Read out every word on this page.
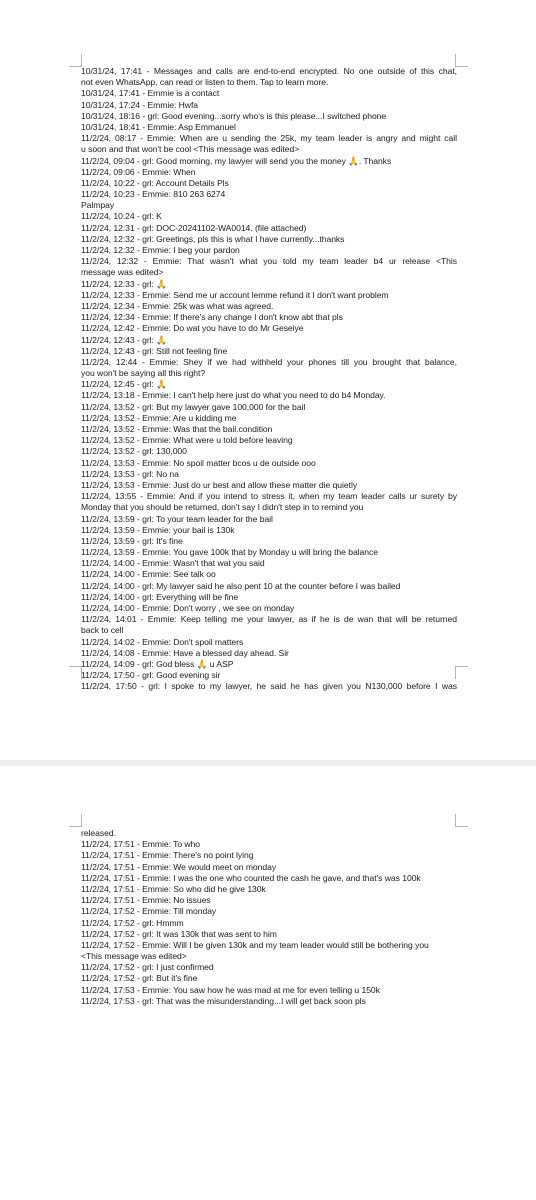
10/31/24, 17:41 - Messages and calls are end-to-end encrypted. No one outside of this chat,
not even WhatsApp, can read or listen to them. Tap to learn more.
10/31/24, 17:41 - Emmie is a contact
10/31/24, 17:24 - Emmie: Hwfa
10/31/24, 18:16 - grl: Good evening...sorry who's is this please...I switched phone
10/31/24, 18:41 - Emmie: Asp Emmanuel
11/2/24, 08:17 - Emmie: When are u sending the 25k, my team leader is angry and might call
u soon and that won't be cool <This message was edited>
11/2/24, 09:04 - grl: Good morning, my lawyer will send you the money 🙏. Thanks
11/2/24, 09:06 - Emmie: When
11/2/24, 10:22 - grl: Account Details Pls
11/2/24, 10:23 - Emmie: 810 263 6274
Palmpay
11/2/24, 10:24 - grl: K
11/2/24, 12:31 - grl: DOC-20241102-WA0014. (file attached)
11/2/24, 12:32 - grl: Greetings, pls this is what I have currently...thanks
11/2/24, 12:32 - Emmie: I beg your pardon
11/2/24, 12:32 - Emmie: That wasn't what you told my team leader b4 ur release <This
message was edited>
11/2/24, 12:33 - grl: 🙏
11/2/24, 12:33 - Emmie: Send me ur account lemme refund it I don't want problem
11/2/24, 12:34 - Emmie: 25k was what was agreed.
11/2/24, 12:34 - Emmie: If there's any change I don't know abt that pls
11/2/24, 12:42 - Emmie: Do wat you have to do Mr Geseiye
11/2/24, 12:43 - grl: 🙏
11/2/24, 12:43 - grl: Still not feeling fine
11/2/24, 12:44 - Emmie: Shey if we had withheld your phones till you brought that balance,
you won't be saying all this right?
11/2/24, 12:45 - grl: 🙏
11/2/24, 13:18 - Emmie: I can't help here just do what you need to do b4 Monday.
11/2/24, 13:52 - grl: But my lawyer gave 100,000 for the bail
11/2/24, 13:52 - Emmie: Are u kidding me
11/2/24, 13:52 - Emmie: Was that the bail.condition
11/2/24, 13:52 - Emmie: What were u told before leaving
11/2/24, 13:52 - grl: 130,000
11/2/24, 13:53 - Emmie: No spoil matter bcos u de outside ooo
11/2/24, 13:53 - grl: No na
11/2/24, 13:53 - Emmie: Just do ur best and allow these matter die quietly
11/2/24, 13:55 - Emmie: And if you intend to stress it, when my team leader calls ur surety by
Monday that you should be returned, don't say I didn't step in to remind you
11/2/24, 13:59 - grl: To your team leader for the bail
11/2/24, 13:59 - Emmie: your bail is 130k
11/2/24, 13:59 - grl: It's fine
11/2/24, 13:59 - Emmie: You gave 100k that by Monday u will bring the balance
11/2/24, 14:00 - Emmie: Wasn't that wat you said
11/2/24, 14:00 - Emmie: See talk oo
11/2/24, 14:00 - grl: My lawyer said he also pent 10 at the counter before I was bailed
11/2/24, 14:00 - grl: Everything will be fine
11/2/24, 14:00 - Emmie: Don't worry , we see on monday
11/2/24, 14:01 - Emmie: Keep telling me your lawyer, as if he is de wan that will be returned
back to cell
11/2/24, 14:02 - Emmie: Don't spoil matters
11/2/24, 14:08 - Emmie: Have a blessed day ahead. Sir
11/2/24, 14:09 - grl: God bless 🙏 u ASP
11/2/24, 17:50 - grl: Good evening sir
11/2/24, 17:50 - grl: I spoke to my lawyer, he said he has given you N130,000 before I was
released.
11/2/24, 17:51 - Emmie: To who
11/2/24, 17:51 - Emmie: There's no point lying
11/2/24, 17:51 - Emmie: We would meet on monday
11/2/24, 17:51 - Emmie: I was the one who counted the cash he gave, and that's was 100k
11/2/24, 17:51 - Emmie: So who did he give 130k
11/2/24, 17:51 - Emmie: No issues
11/2/24, 17:52 - Emmie: Till monday
11/2/24, 17:52 - grl: Hmmm
11/2/24, 17:52 - grl: It was 130k that was sent to him
11/2/24, 17:52 - Emmie: Will I be given 130k and my team leader would still be bothering you
<This message was edited>
11/2/24, 17:52 - grl: I just confirmed
11/2/24, 17:52 - grl: But it's fine
11/2/24, 17:53 - Emmie: You saw how he was mad at me for even telling u 150k
11/2/24, 17:53 - grl: That was the misunderstanding...I will get back soon pls
